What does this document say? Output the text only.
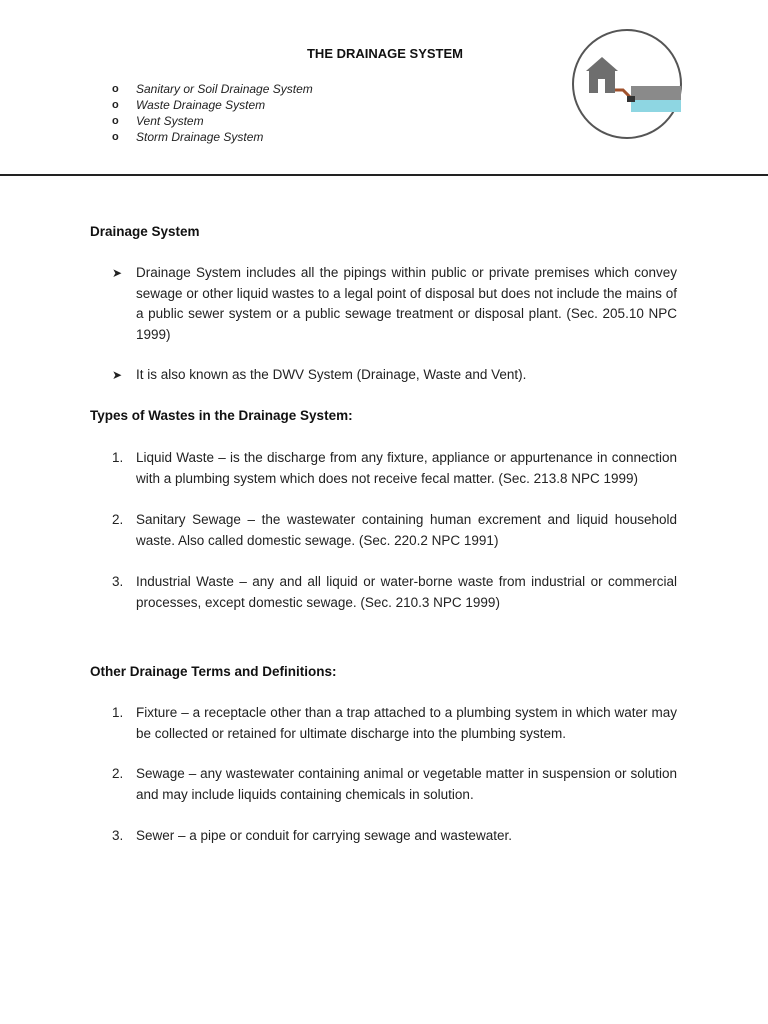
THE DRAINAGE SYSTEM
o Sanitary or Soil Drainage System
o Waste Drainage System
o Vent System
o Storm Drainage System
Drainage System
➤ Drainage System includes all the pipings within public or private premises which convey sewage or other liquid wastes to a legal point of disposal but does not include the mains of a public sewer system or a public sewage treatment or disposal plant. (Sec. 205.10 NPC 1999)
➤ It is also known as the DWV System (Drainage, Waste and Vent).
Types of Wastes in the Drainage System:
1. Liquid Waste – is the discharge from any fixture, appliance or appurtenance in connection with a plumbing system which does not receive fecal matter. (Sec. 213.8 NPC 1999)
2. Sanitary Sewage – the wastewater containing human excrement and liquid household waste. Also called domestic sewage. (Sec. 220.2 NPC 1991)
3. Industrial Waste – any and all liquid or water-borne waste from industrial or commercial processes, except domestic sewage. (Sec. 210.3 NPC 1999)
Other Drainage Terms and Definitions:
1. Fixture – a receptacle other than a trap attached to a plumbing system in which water may be collected or retained for ultimate discharge into the plumbing system.
2. Sewage – any wastewater containing animal or vegetable matter in suspension or solution and may include liquids containing chemicals in solution.
3. Sewer – a pipe or conduit for carrying sewage and wastewater.
